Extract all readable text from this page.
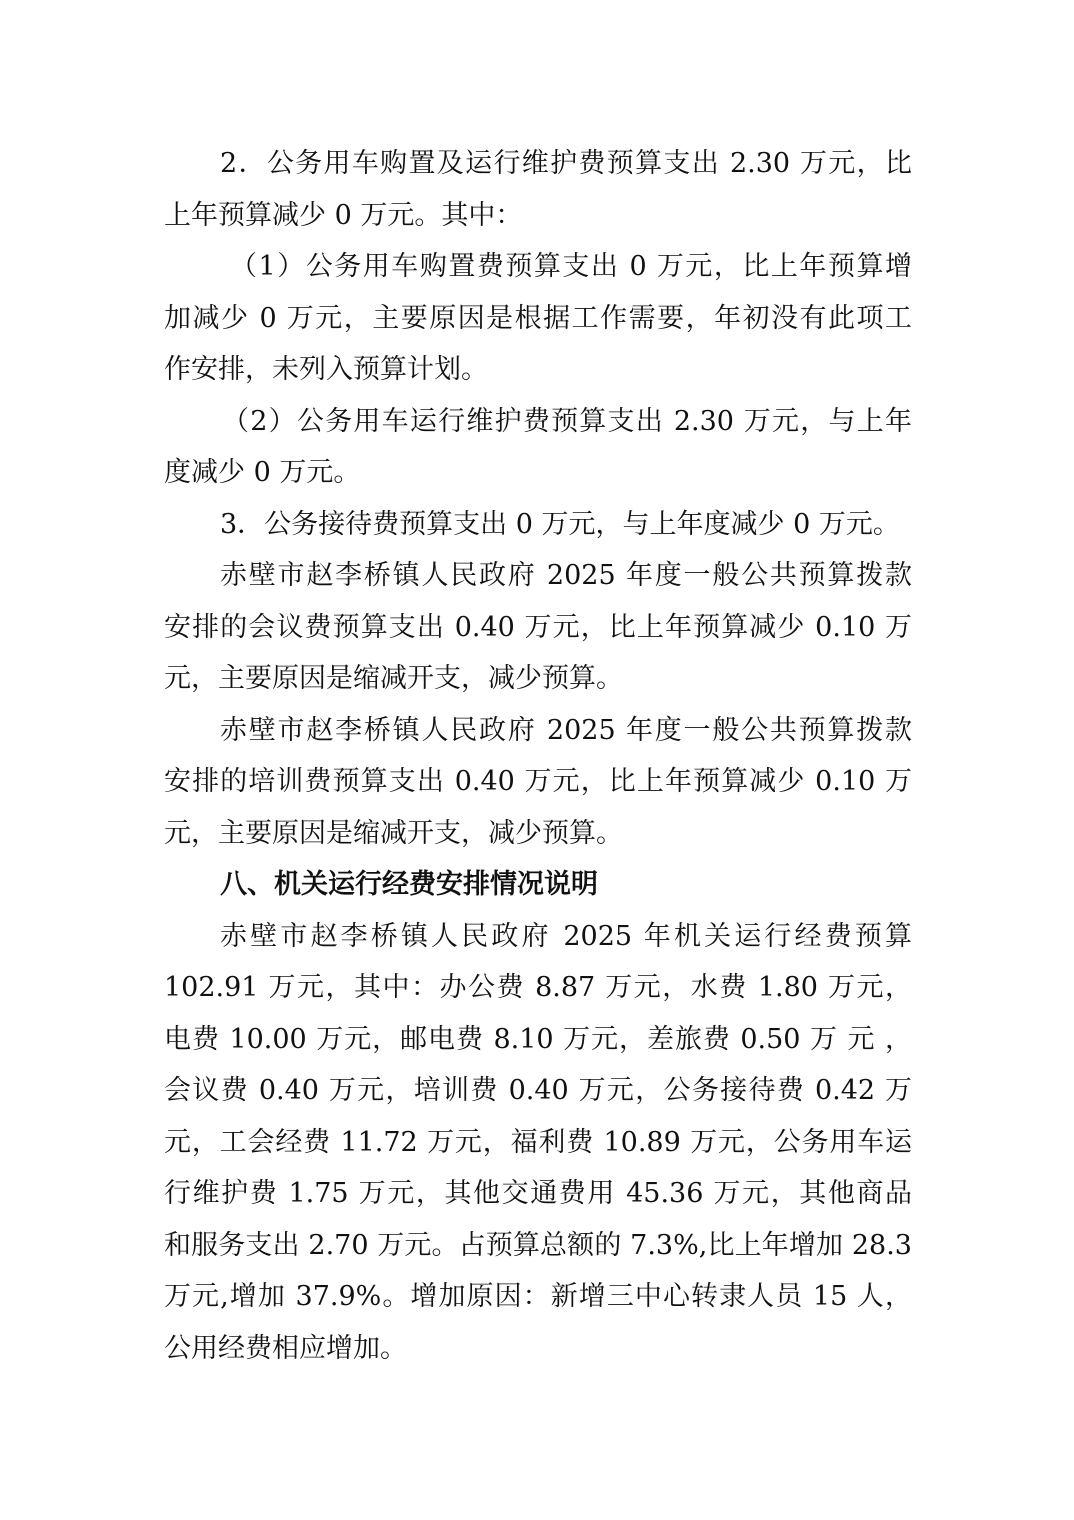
2．公务用车购置及运行维护费预算支出 2.30 万元，比
上年预算减少 0 万元。其中：
（1）公务用车购置费预算支出 0 万元，比上年预算增
加减少 0 万元，主要原因是根据工作需要，年初没有此项工
作安排，未列入预算计划。
（2）公务用车运行维护费预算支出 2.30 万元，与上年
度减少 0 万元。
3．公务接待费预算支出 0 万元，与上年度减少 0 万元。
赤壁市赵李桥镇人民政府 2025 年度一般公共预算拨款
安排的会议费预算支出 0.40 万元，比上年预算减少 0.10 万
元，主要原因是缩减开支，减少预算。
赤壁市赵李桥镇人民政府 2025 年度一般公共预算拨款
安排的培训费预算支出 0.40 万元，比上年预算减少 0.10 万
元，主要原因是缩减开支，减少预算。
八、机关运行经费安排情况说明
赤壁市赵李桥镇人民政府 2025 年机关运行经费预算
102.91 万元，其中：办公费 8.87 万元，水费 1.80 万元，
电费 10.00 万元，邮电费 8.10 万元，差旅费 0.50 万 元 ，
会议费 0.40 万元，培训费 0.40 万元，公务接待费 0.42 万
元，工会经费 11.72 万元，福利费 10.89 万元，公务用车运
行维护费 1.75 万元，其他交通费用 45.36 万元，其他商品
和服务支出 2.70 万元。占预算总额的 7.3%,比上年增加 28.3
万元,增加 37.9%。增加原因：新增三中心转隶人员 15 人，
公用经费相应增加。
